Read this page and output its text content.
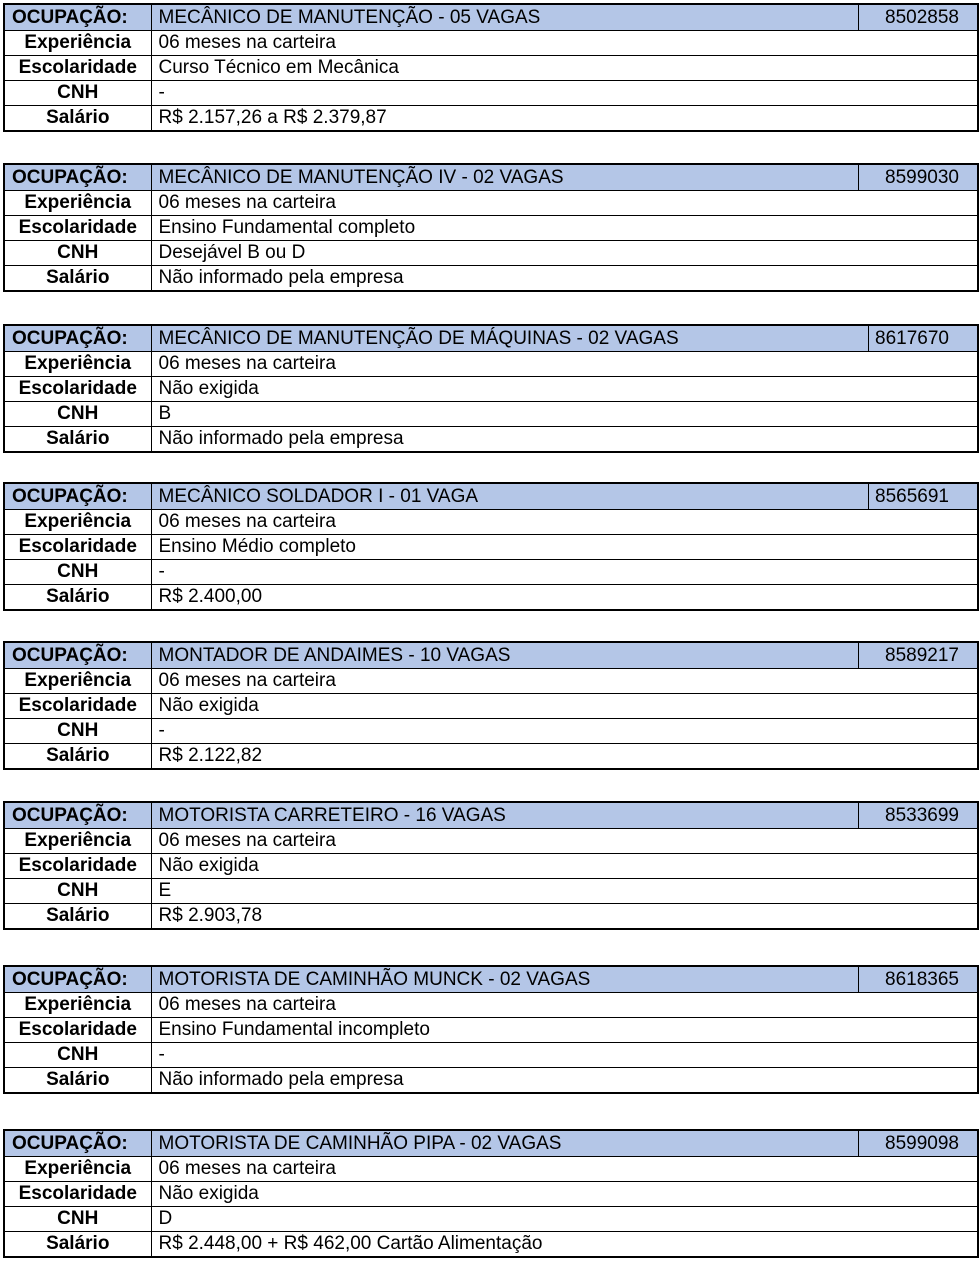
OCUPAÇÃO:	MECÂNICO DE MANUTENÇÃO - 05 VAGAS	8502858
Experiência	06 meses na carteira	
Escolaridade	Curso Técnico em Mecânica	
CNH	-	
Salário	R$ 2.157,26 a R$ 2.379,87	
OCUPAÇÃO:	MECÂNICO DE MANUTENÇÃO IV - 02 VAGAS	8599030
Experiência	06 meses na carteira	
Escolaridade	Ensino Fundamental completo	
CNH	Desejável B ou D	
Salário	Não informado pela empresa	
OCUPAÇÃO:	MECÂNICO DE MANUTENÇÃO DE MÁQUINAS - 02 VAGAS	8617670
Experiência	06 meses na carteira	
Escolaridade	Não exigida	
CNH	B	
Salário	Não informado pela empresa	
OCUPAÇÃO:	MECÂNICO SOLDADOR I - 01 VAGA	8565691
Experiência	06 meses na carteira	
Escolaridade	Ensino Médio completo	
CNH	-	
Salário	R$ 2.400,00	
OCUPAÇÃO:	MONTADOR DE ANDAIMES - 10 VAGAS	8589217
Experiência	06 meses na carteira	
Escolaridade	Não exigida	
CNH	-	
Salário	R$ 2.122,82	
OCUPAÇÃO:	MOTORISTA CARRETEIRO - 16 VAGAS	8533699
Experiência	06 meses na carteira	
Escolaridade	Não exigida	
CNH	E	
Salário	R$ 2.903,78	
OCUPAÇÃO:	MOTORISTA DE CAMINHÃO MUNCK - 02 VAGAS	8618365
Experiência	06 meses na carteira	
Escolaridade	Ensino Fundamental incompleto	
CNH	-	
Salário	Não informado pela empresa	
OCUPAÇÃO:	MOTORISTA DE CAMINHÃO PIPA - 02 VAGAS	8599098
Experiência	06 meses na carteira	
Escolaridade	Não exigida	
CNH	D	
Salário	R$ 2.448,00 + R$ 462,00 Cartão Alimentação	
